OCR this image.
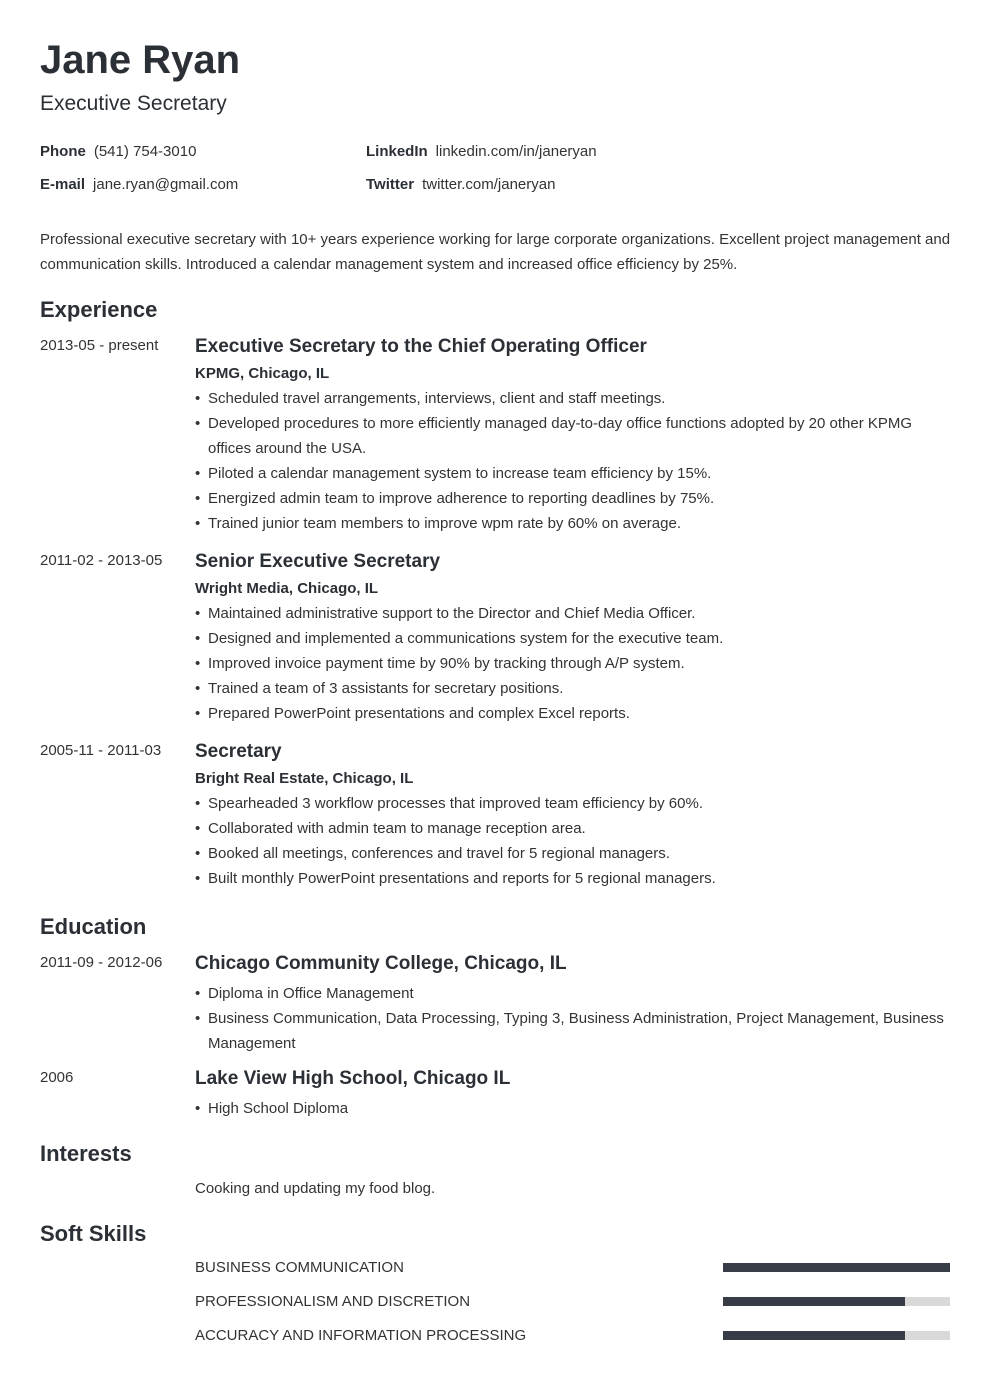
Jane Ryan
Executive Secretary
Phone (541) 754-3010
E-mail jane.ryan@gmail.com
LinkedIn linkedin.com/in/janeryan
Twitter twitter.com/janeryan
Professional executive secretary with 10+ years experience working for large corporate organizations. Excellent project management and communication skills. Introduced a calendar management system and increased office efficiency by 25%.
Experience
2013-05 - present Executive Secretary to the Chief Operating Officer
KPMG, Chicago, IL
• Scheduled travel arrangements, interviews, client and staff meetings.
• Developed procedures to more efficiently managed day-to-day office functions adopted by 20 other KPMG offices around the USA.
• Piloted a calendar management system to increase team efficiency by 15%.
• Energized admin team to improve adherence to reporting deadlines by 75%.
• Trained junior team members to improve wpm rate by 60% on average.
2011-02 - 2013-05 Senior Executive Secretary
Wright Media, Chicago, IL
• Maintained administrative support to the Director and Chief Media Officer.
• Designed and implemented a communications system for the executive team.
• Improved invoice payment time by 90% by tracking through A/P system.
• Trained a team of 3 assistants for secretary positions.
• Prepared PowerPoint presentations and complex Excel reports.
2005-11 - 2011-03 Secretary
Bright Real Estate, Chicago, IL
• Spearheaded 3 workflow processes that improved team efficiency by 60%.
• Collaborated with admin team to manage reception area.
• Booked all meetings, conferences and travel for 5 regional managers.
• Built monthly PowerPoint presentations and reports for 5 regional managers.
Education
2011-09 - 2012-06 Chicago Community College, Chicago, IL
• Diploma in Office Management
• Business Communication, Data Processing, Typing 3, Business Administration, Project Management, Business Management
2006	Lake View High School, Chicago IL
• High School Diploma
Interests
Cooking and updating my food blog.
Soft Skills
BUSINESS COMMUNICATION
PROFESSIONALISM AND DISCRETION
ACCURACY AND INFORMATION PROCESSING
